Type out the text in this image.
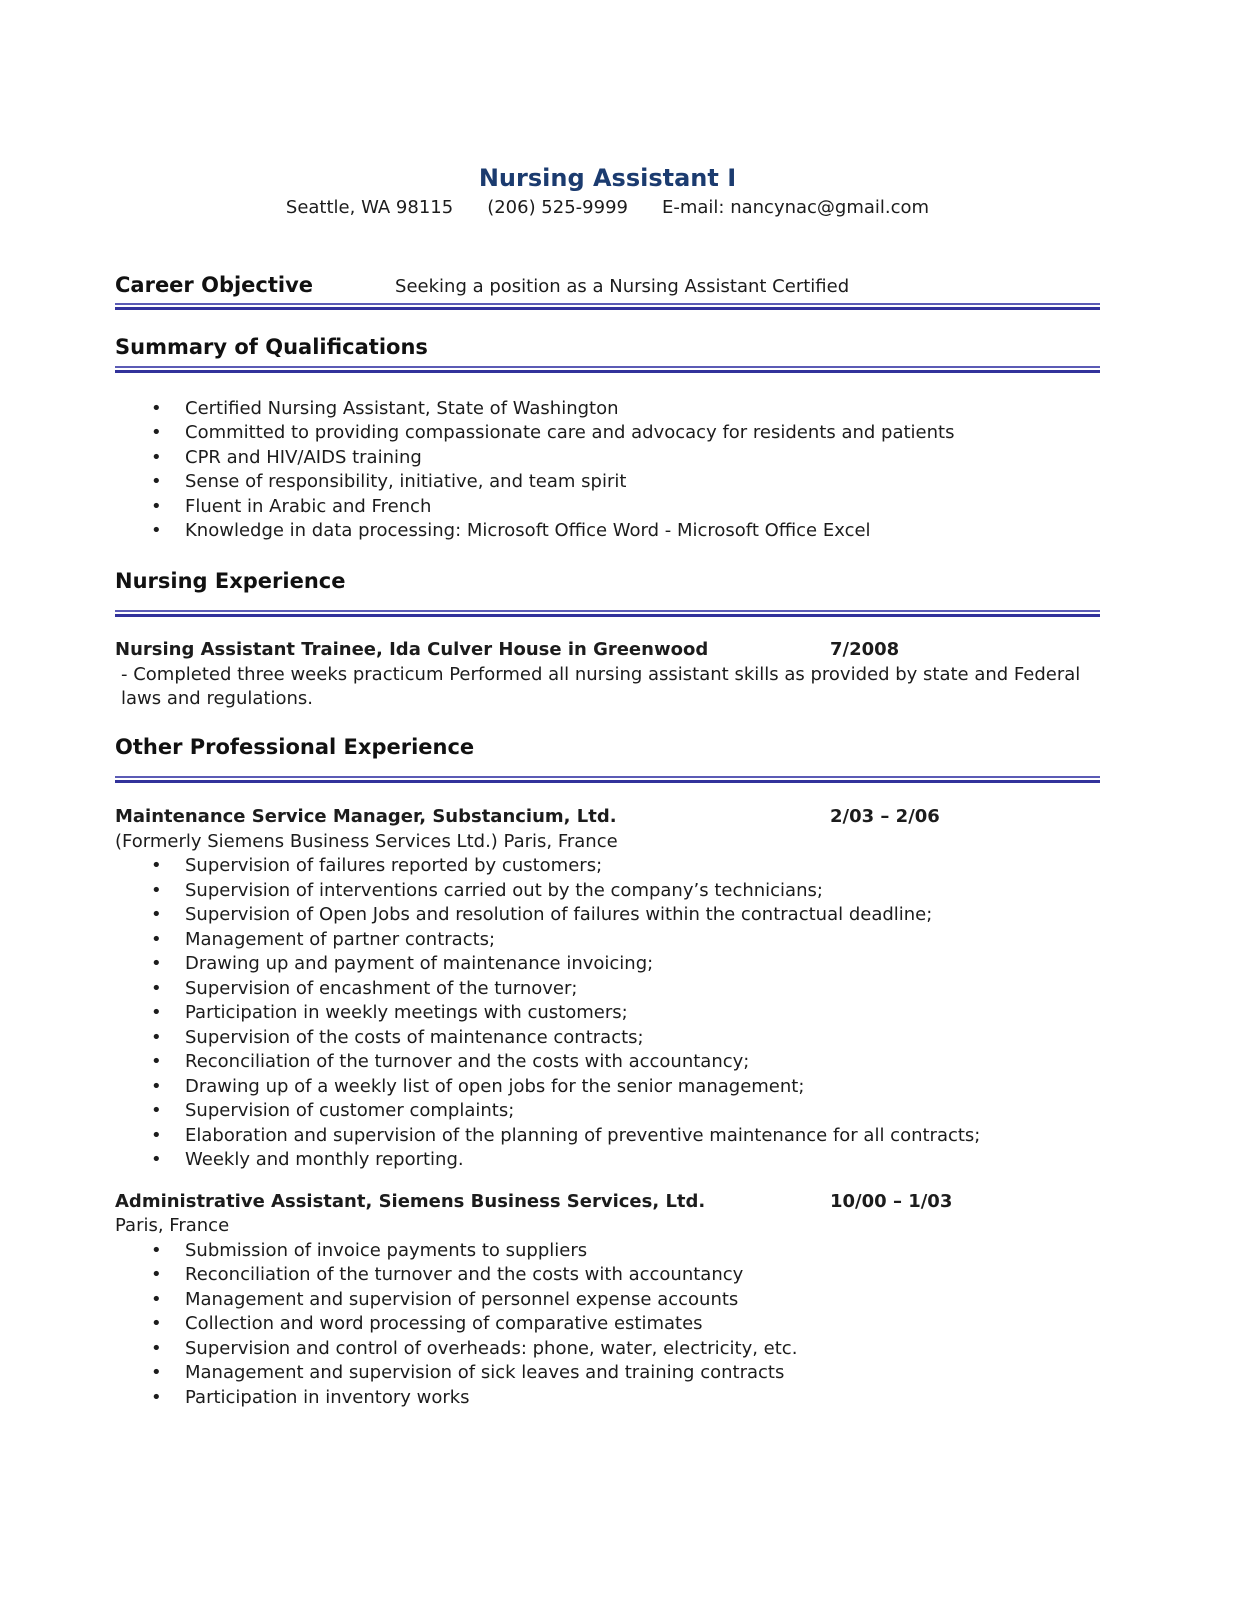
Nursing Assistant I
Seattle, WA 98115 (206) 525-9999 E-mail: nancynac@gmail.com
Career Objective	Seeking a position as a Nursing Assistant Certified
Summary of Qualifications
•
Certified Nursing Assistant, State of Washington
•
Committed to providing compassionate care and advocacy for residents and patients
•
CPR and HIV/AIDS training
•
Sense of responsibility, initiative, and team spirit
•
Fluent in Arabic and French
•
Knowledge in data processing: Microsoft Office Word - Microsoft Office Excel
Nursing Experience
Nursing Assistant Trainee, Ida Culver House in Greenwood	7/2008
- Completed three weeks practicum Performed all nursing assistant skills as provided by state and Federal laws and regulations.
Other Professional Experience
Maintenance Service Manager, Substancium, Ltd.	2/03 – 2/06
(Formerly Siemens Business Services Ltd.) Paris, France
•
Supervision of failures reported by customers;
•
Supervision of interventions carried out by the company’s technicians;
•
Supervision of Open Jobs and resolution of failures within the contractual deadline;
•
Management of partner contracts;
•
Drawing up and payment of maintenance invoicing;
•
Supervision of encashment of the turnover;
•
Participation in weekly meetings with customers;
•
Supervision of the costs of maintenance contracts;
•
Reconciliation of the turnover and the costs with accountancy;
•
Drawing up of a weekly list of open jobs for the senior management;
•
Supervision of customer complaints;
•
Elaboration and supervision of the planning of preventive maintenance for all contracts;
•
Weekly and monthly reporting.
Administrative Assistant, Siemens Business Services, Ltd.	10/00 – 1/03
Paris, France
•
Submission of invoice payments to suppliers
•
Reconciliation of the turnover and the costs with accountancy
•
Management and supervision of personnel expense accounts
•
Collection and word processing of comparative estimates
•
Supervision and control of overheads: phone, water, electricity, etc.
•
Management and supervision of sick leaves and training contracts
•
Participation in inventory works
